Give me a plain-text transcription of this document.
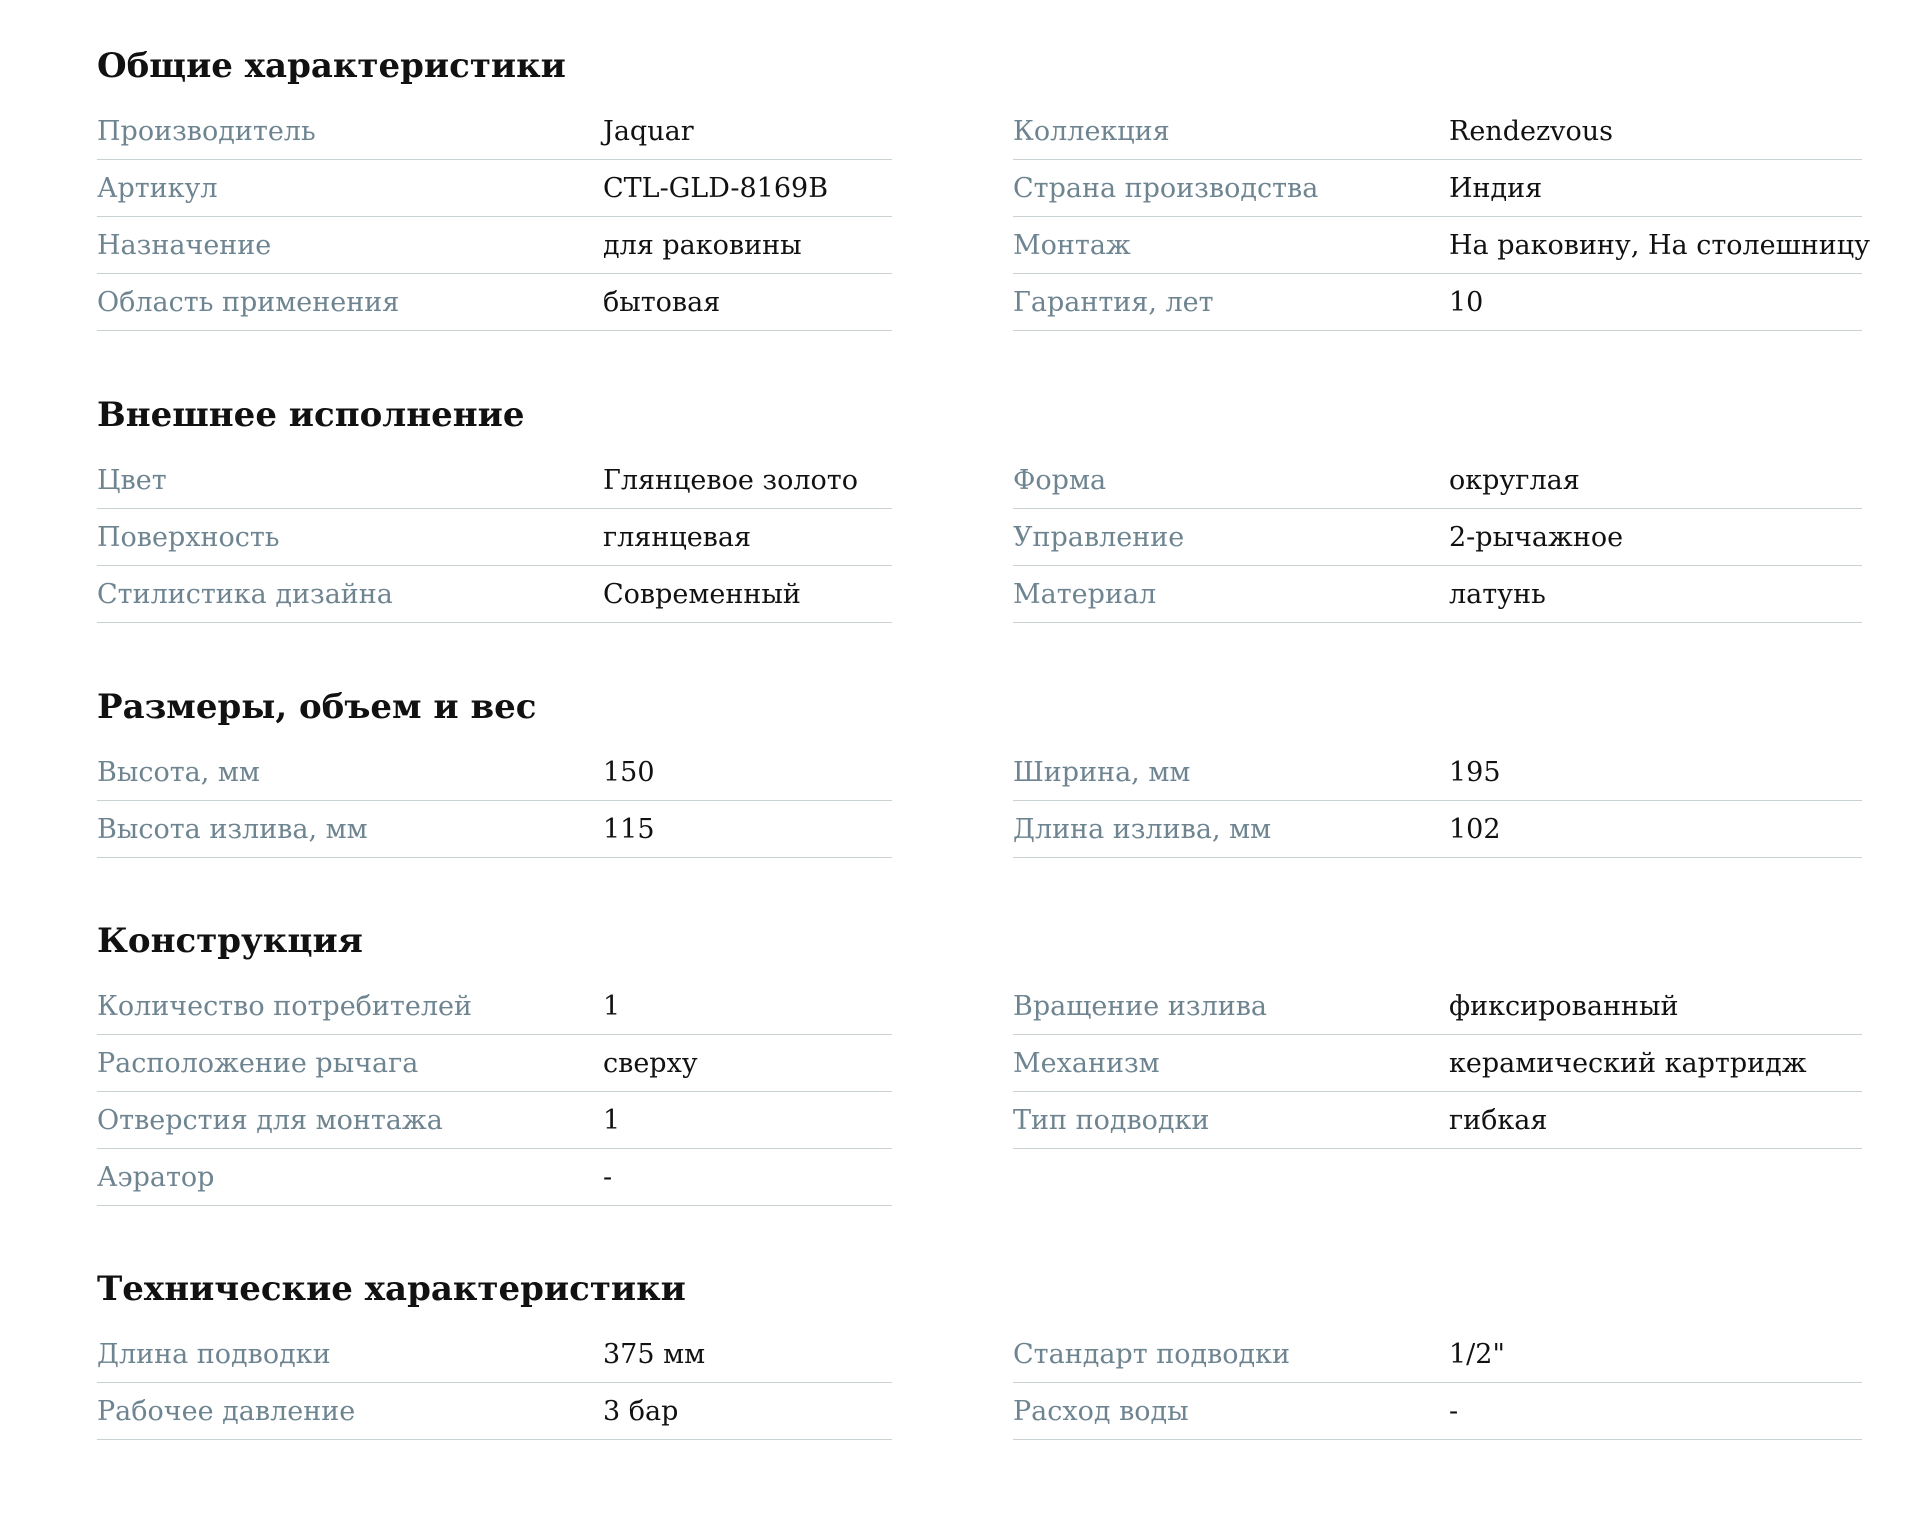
Общие характеристики
Производитель	Jaquar
Артикул	CTL-GLD-8169B
Назначение	для раковины
Область применения	бытовая
Коллекция	Rendezvous
Страна производства	Индия
Монтаж	На раковину, На столешницу
Гарантия, лет	10
Внешнее исполнение
Цвет	Глянцевое золото
Поверхность	глянцевая
Стилистика дизайна	Современный
Форма	округлая
Управление	2-рычажное
Материал	латунь
Размеры, объем и вес
Высота, мм	150
Высота излива, мм	115
Ширина, мм	195
Длина излива, мм	102
Конструкция
Количество потребителей	1
Расположение рычага	сверху
Отверстия для монтажа	1
Аэратор	-
Вращение излива	фиксированный
Механизм	керамический картридж
Тип подводки	гибкая
Технические характеристики
Длина подводки	375 мм
Рабочее давление	3 бар
Стандарт подводки	1/2"
Расход воды	-
